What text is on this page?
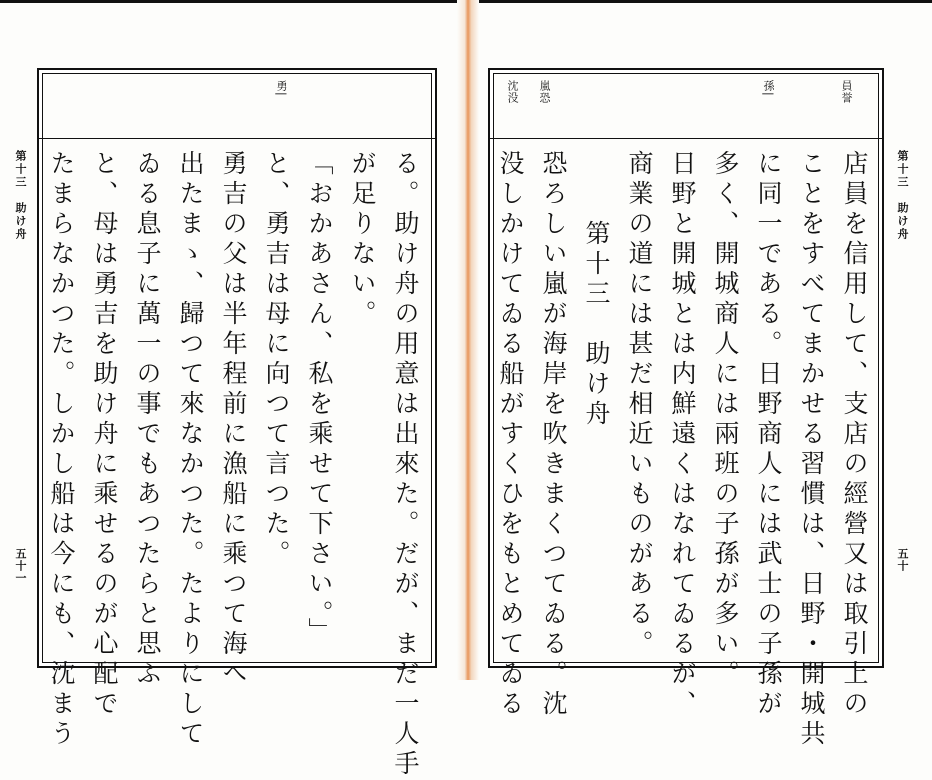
第十三　助け舟
五十一
勇|
る。助け舟の用意は出來た。だが、まだ一人手
が足りない。
「おかあさん、私を乘せて下さい。」
と、勇吉は母に向つて言つた。
勇吉の父は半年程前に漁船に乘つて海へ
出たまゝ、歸つて來なかつた。たよりにして
ゐる息子に萬一の事でもあつたらと思ふ
と、母は勇吉を助け舟に乘せるのが心配で
たまらなかつた。しかし船は今にも、沈まう
沈没 嵐恐	孫|	員誉
店員を信用して、支店の經營又は取引上の
ことをすべてまかせる習慣は、日野・開城共
に同一である。日野商人には武士の子孫が
多く、開城商人には兩班の子孫が多い。
日野と開城とは内鮮遠くはなれてゐるが、
商業の道には甚だ相近いものがある。
第十三　助け舟
恐ろしい嵐が海岸を吹きまくつてゐる。沈
没しかけてゐる船がすくひをもとめてゐる	第十三　助け舟
五十
